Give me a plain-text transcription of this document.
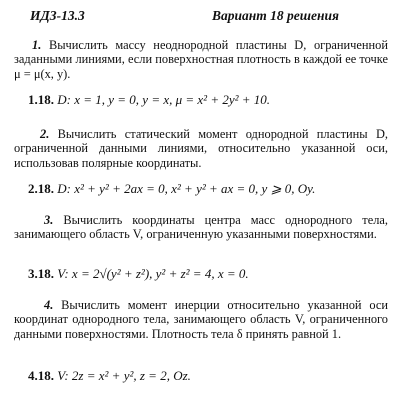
ИДЗ-13.3	Вариант 18 решения
1. Вычислить массу неоднородной пластины D, ограниченной заданными линиями, если поверхностная плотность в каждой ее точке μ = μ(x, y).
1.18. D: x = 1, y = 0, y = x, μ = x² + 2y² + 10.
2. Вычислить статический момент однородной пластины D, ограниченной данными линиями, относительно указанной оси, использовав полярные координаты.
2.18. D: x² + y² + 2ax = 0, x² + y² + ax = 0, y ⩾ 0, Oy.
3. Вычислить координаты центра масс однородного тела, занимающего область V, ограниченную указанными поверхностями.
3.18. V: x = 2√(y² + z²), y² + z² = 4, x = 0.
4. Вычислить момент инерции относительно указанной оси координат однородного тела, занимающего область V, ограниченного данными поверхностями. Плотность тела δ принять равной 1.
4.18. V: 2z = x² + y², z = 2, Oz.
